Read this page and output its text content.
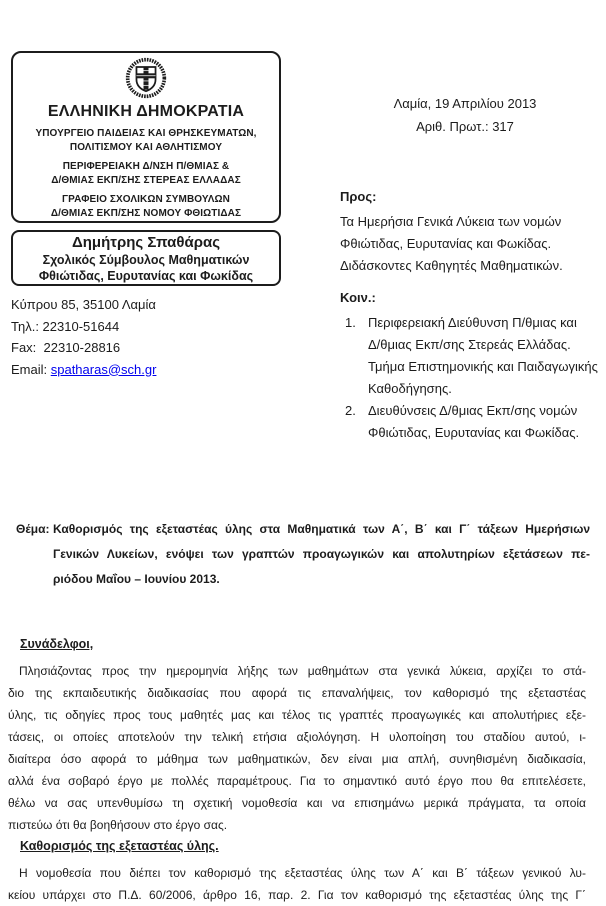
ΕΛΛΗΝΙΚΗ ΔΗΜΟΚΡΑΤΙΑ
ΥΠΟΥΡΓΕΙΟ ΠΑΙΔΕΙΑΣ ΚΑΙ ΘΡΗΣΚΕΥΜΑΤΩΝ,
ΠΟΛΙΤΙΣΜΟΥ ΚΑΙ ΑΘΛΗΤΙΣΜΟΥ
ΠΕΡΙΦΕΡΕΙΑΚΗ Δ/ΝΣΗ Π/ΘΜΙΑΣ &
Δ/ΘΜΙΑΣ ΕΚΠ/ΣΗΣ ΣΤΕΡΕΑΣ ΕΛΛΑΔΑΣ
ΓΡΑΦΕΙΟ ΣΧΟΛΙΚΩΝ ΣΥΜΒΟΥΛΩΝ
Δ/ΘΜΙΑΣ ΕΚΠ/ΣΗΣ ΝΟΜΟΥ ΦΘΙΩΤΙΔΑΣ
Δημήτρης Σπαθάρας
Σχολικός Σύμβουλος Μαθηματικών
Φθιώτιδας, Ευρυτανίας και Φωκίδας
Κύπρου 85, 35100 Λαμία
Τηλ.: 22310-51644
Fax:  22310-28816
Email: spatharas@sch.gr
Λαμία, 19 Απριλίου 2013
Αριθ. Πρωτ.: 317
Προς:
Τα Ημερήσια Γενικά Λύκεια των νομών
Φθιώτιδας, Ευρυτανίας και Φωκίδας.
Διδάσκοντες Καθηγητές Μαθηματικών.
Κοιν.:
1. Περιφερειακή Διεύθυνση Π/θμιας και
Δ/θμιας Εκπ/σης Στερεάς Ελλάδας.
Τμήμα Επιστημονικής και Παιδαγωγικής
Καθοδήγησης.
2. Διευθύνσεις Δ/θμιας Εκπ/σης νομών
Φθιώτιδας, Ευρυτανίας και Φωκίδας.
Θέμα: Καθορισμός της εξεταστέας ύλης στα Μαθηματικά των Α΄, Β΄ και Γ΄ τάξεων Ημερήσιων
Γενικών Λυκείων, ενόψει των γραπτών προαγωγικών και απολυτηρίων εξετάσεων πε-
ριόδου Μαΐου – Ιουνίου 2013.
Συνάδελφοι,
Πλησιάζοντας προς την ημερομηνία λήξης των μαθημάτων στα γενικά λύκεια, αρχίζει το στά-
διο της εκπαιδευτικής διαδικασίας που αφορά τις επαναλήψεις, τον καθορισμό της εξεταστέας
ύλης, τις οδηγίες προς τους μαθητές μας και τέλος τις γραπτές προαγωγικές και απολυτήριες εξε-
τάσεις, οι οποίες αποτελούν την τελική ετήσια αξιολόγηση. Η υλοποίηση του σταδίου αυτού, ι-
διαίτερα όσο αφορά το μάθημα των μαθηματικών, δεν είναι μια απλή, συνηθισμένη διαδικασία,
αλλά ένα σοβαρό έργο με πολλές παραμέτρους. Για το σημαντικό αυτό έργο που θα επιτελέσετε,
θέλω να σας υπενθυμίσω τη σχετική νομοθεσία και να επισημάνω μερικά πράγματα, τα οποία
πιστεύω ότι θα βοηθήσουν στο έργο σας.
Καθορισμός της εξεταστέας ύλης.
Η νομοθεσία που διέπει τον καθορισμό της εξεταστέας ύλης των Α΄ και Β΄ τάξεων γενικού λυ-
κείου υπάρχει στο Π.Δ. 60/2006, άρθρο 16, παρ. 2. Για τον καθορισμό της εξεταστέας ύλης της Γ΄
